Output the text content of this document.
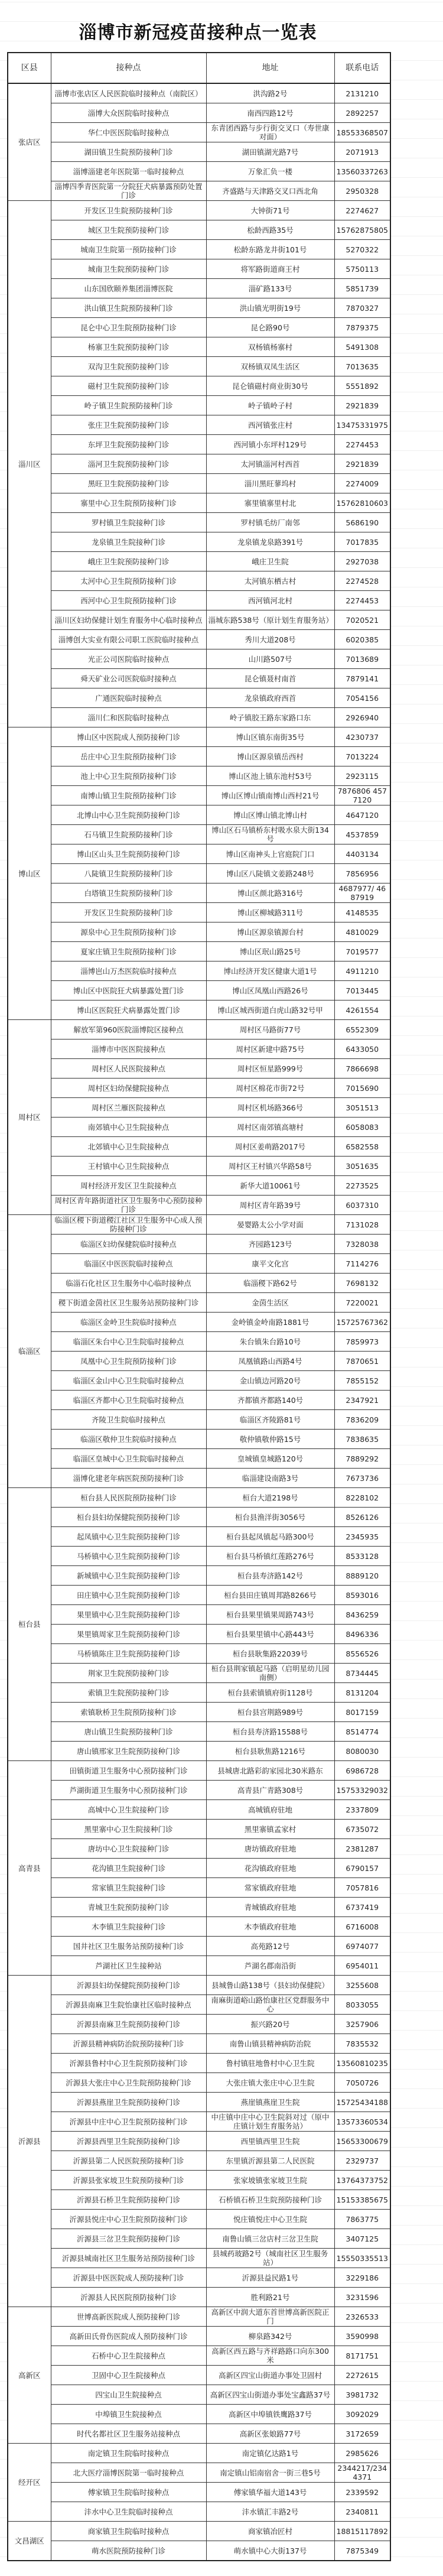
淄博市新冠疫苗接种点一览表
区县	接种点	地址	联系电话
张店区	淄博市张店区人民医院临时接种点（南院区）	洪沟路2号	2131210
	淄博大众医院临时接种点	南西四路12号	2892257
	华仁中医医院临时接种点	东青团西路与步行街交叉口（寿世康对面）	18553368507
	湖田镇卫生院预防接种门诊	湖田镇湖光路7号	2071913
	淄博淄建老年医院第一临时接种点	万象汇负一楼	13560337263
	淄博四季青医院第一分院狂犬病暴露预防处置门诊	齐盛路与天津路交叉口西北角	2950328
淄川区	开发区卫生院预防接种门诊	大钟街71号	2274627
	城区卫生院预防接种门诊	松龄西路35号	15762875805
	城南卫生院第一预防接种门诊	松龄东路龙井街101号	5270322
	城南卫生院预防接种门诊	将军路街道商王村	5750113
	山东国欣颐养集团淄博医院	淄矿路133号	5851739
	洪山镇卫生院预防接种门诊	洪山镇光明街19号	7870327
	昆仑中心卫生院预防接种门诊	昆仑路90号	7879375
	杨寨卫生院预防接种门诊	双杨镇杨寨村	5491308
	双沟卫生院预防接种门诊	双杨镇双凤生活区	7013635
	磁村卫生院预防接种门诊	昆仑镇磁村商业街30号	5551892
	岭子镇卫生院预防接种门诊	岭子镇岭子村	2921839
	张庄卫生院预防接种门诊	西河镇张庄村	13475331975
	东坪卫生院预防接种门诊	西河镇小东坪村129号	2274453
	淄河卫生院预防接种门诊	太河镇淄河村西首	2921839
	黑旺卫生院预防接种门诊	淄川黑旺蓼坞村	2274009
	寨里中心卫生院预防接种门诊	寨里镇寨里村北	15762810603
	罗村镇卫生院接种门诊	罗村镇毛纺厂南邻	5686190
	龙泉镇卫生院接种门诊	龙泉镇龙泉路391号	7017835
	峨庄卫生院预防接种门诊	峨庄卫生院	2927038
	太河中心卫生院预防接种门诊	太河镇东栖古村	2274528
	西河中心卫生院预防接种门诊	西河镇河北村	2274453
	淄川区妇幼保健计划生育服务中心临时接种点	淄城东路538号（原计划生育服务站）	7020521
	淄博创大实业有限公司职工医院临时接种点	秀川大道208号	6020385
	光正公司医院临时接种点	山川路507号	7013689
	舜天矿业公司医院临时接种点	昆仑镇聂村南首	7879141
	广通医院临时接种点	龙泉镇政府西首	7054156
	淄川仁和医院临时接种点	岭子镇胶王路东家路口东	2926940
博山区	博山区中医院成人预防接种门诊	博山区镇东南街35号	4230737
	岳庄中心卫生院预防接种门诊	博山区源泉镇岳西村	7013224
	池上中心卫生院预防接种门诊	博山区池上镇东池村53号	2923115
	南博山镇卫生院预防接种门诊	博山区博山镇南博山西村21号	7876806 4577120
	北博山中心卫生院预防接种门诊	博山区博山镇北博山村	4647120
	石马镇卫生院预防接种门诊	博山区石马镇桥东村吸水泉大街134号	4537859
	博山区山头卫生院预防接种门诊	博山区南神头上官庭院门口	4403134
	八陡镇卫生院预防接种门诊	博山区八陡镇文姜路248号	7856956
	白塔镇卫生院预防接种门诊	博山区颜北路316号	4687977/ 4687919
	开发区卫生院预防接种门诊	博山区柳城路311号	4148535
	源泉中心卫生院预防接种门诊	博山区源泉镇源台村	4810029
	夏家庄镇卫生院预防接种门诊	博山区珉山路25号	7019577
	淄博岜山万杰医院临时接种点	博山经济开发区健康大道1号	4911210
	博山区中医院狂犬病暴露处置门诊	博山区凤凰山西路26号	7013445
	博山区医院狂犬病暴露处置门诊	博山区城西街道白虎山路32号甲	4261554
周村区	解放军第960医院淄博院区接种点	周村区马路街77号	6552309
	淄博市中医医院接种点	周村区新建中路75号	6433050
	周村区人民医院接种点	周村区恒星路999号	7866698
	周村区妇幼保健院接种点	周村区棉花市街72号	7015690
	周村区兰雁医院接种点	周村区机场路366号	3051513
	南郊镇中心卫生院接种点	周村区南郊镇高塘村	6058083
	北郊镇中心卫生院接种点	周村区姜萌路2017号	6582558
	王村镇中心卫生院接种点	周村区王村镇兴华路58号	3051635
	周村经济开发区卫生院接种点	新华大道10061号	2273525
	周村区青年路街道社区卫生服务中心预防接种门诊	周村区青年路39号	6037310
临淄区	临淄区稷下街道稷江社区卫生服务中心成人预防接种门诊	晏婴路太公小学对面	7131028
	临淄区妇幼保健院临时接种点	齐园路123号	7328038
	临淄区中医医院临时接种点	康平文化宫	7114276
	临淄石化社区卫生服务中心临时接种点	临淄稷下路62号	7698132
	稷下街道金茵社区卫生服务站预防接种门诊	金茵生活区	7220021
	临淄区金岭卫生院临时接种点	金岭镇金岭南路1881号	15725767362
	临淄区朱台中心卫生院临时接种点	朱台镇朱台路10号	7859973
	凤凰中心卫生院预防接种门诊	凤凰镇路山西路4号	7870651
	临淄区金山中心卫生院临时接种点	金山镇边河路20号	7855152
	临淄区齐都中心卫生院临时接种点	齐都镇齐都路140号	2347921
	齐陵卫生院临时接种点	临淄区齐陵路81号	7836209
	临淄区敬仲卫生院临时接种点	敬仲镇敬仲路15号	7838635
	临淄区皇城中心卫生院临时接种点	皇城镇皇城路120号	7889292
	淄博化建老年病医院预防接种门诊	临淄建设南路3号	7673736
桓台县	桓台县人民医院预防接种门诊	桓台大道2198号	8228102
	桓台县妇幼保健院预防接种门诊	桓台县渔洋街3056号	8526126
	起凤镇中心卫生院预防接种门诊	桓台县起凤镇起马路300号	2345935
	马桥镇中心卫生院预防接种门诊	桓台县马桥镇红莲路276号	8533128
	新城镇中心卫生院预防接种门诊	桓台县寿济路142号	8889120
	田庄镇中心卫生院预防接种门诊	桓台县田庄镇周邦路8266号	8593016
	果里镇中心卫生院预防接种门诊	桓台县果里镇果周路743号	8436259
	果里镇周家卫生院预防接种门诊	桓台县果里镇中心路443号	8496336
	马桥镇陈庄卫生院预防接种门诊	桓台县耿集路22039号	8556526
	荆家卫生院预防接种门诊	桓台县荆家镇起马路（启明星幼儿园南侧）	8734445
	索镇卫生院预防接种门诊	桓台县索镇镇府街1128号	8131204
	索镇耿桥卫生院预防接种门诊	桓台县宫荆路989号	8017159
	唐山镇卫生院预防接种门诊	桓台县寿济路15588号	8514774
	唐山镇邢家卫生院预防接种门诊	桓台县耿焦路1216号	8080030
高青县	田镇街道卫生服务中心预防接种门诊	县城唐北路彩韵家园北30米路东	6986728
	芦湖街道卫生服务中心预防接种门诊	高青县广青路308号	15753329032
	高城中心卫生院接种门诊	高城镇府驻地	2337809
	黑里寨中心卫生院接种门诊	黑里寨镇孟家村	6735072
	唐坊中心卫生院接种门诊	唐坊镇政府驻地	2381287
	花沟镇卫生院接种门诊	花沟镇政府驻地	6790157
	常家镇卫生院接种门诊	常家镇政府驻地	7057816
	青城卫生院预防接种门诊	青城镇政府驻地	6737419
	木李镇卫生院接种门诊	木李镇政府驻地	6716008
	国井社区卫生服务站预防接种门诊	高苑路12号	6974077
	芦湖社区卫生接种站	芦湖名郡南沿街	6954011
沂源县	沂源县妇幼保健院预防接种门诊	县城鲁山路138号（县妇幼保健院）	3255608
	沂源县南麻卫生院怡康社区临时接种点	南麻街道峪山路怡康社区党群服务中心	8033055
	沂源县南麻卫生院预防接种门诊	振兴路20号	3257906
	沂源县精神病防治院预防接种门诊	南鲁山镇县精神病防治院	7835532
	沂源县鲁村中心卫生院预防接种门诊	鲁村镇驻地鲁村中心卫生院	13560810235
	沂源县大张庄中心卫生院预防接种门诊	大张庄镇大张庄中心卫生院	7050726
	沂源县燕崖卫生院预防接种门诊	燕崖镇燕崖卫生院	15725434188
	沂源县中庄中心卫生院预防接种门诊	中庄镇中庄中心卫生院斜对过（原中庄镇计划生育服务站）	13573360534
	沂源县西里卫生院预防接种门诊	西里镇西里卫生院	15653300679
	沂源县第二人民医院预防接种门诊	东里镇沂源县第二人民医院	2329737
	沂源县张家坡卫生院预防接种门诊	张家坡镇张家坡卫生院	13764373752
	沂源县石桥卫生院预防接种门诊	石桥镇石桥卫生院预防接种门诊	15153385675
	沂源县悦庄中心卫生院预防接种门诊	悦庄镇悦庄中心卫生院	7863775
	沂源县三岔卫生院预防接种门诊	南鲁山镇三岔店村三岔卫生院	3407125
	沂源县城南社区卫生服务站预防接种门诊	县城药玻路2号（城南社区卫生服务站）	15550335513
	沂源县中医医院成人预防接种门诊	沂源县益民路1号	3229186
	沂源县人民医院预防接种门诊	胜利路21号	3231596
高新区	世博高新医院成人预防接种门诊	高新区中润大道东首世博高新医院正门	2326533
	高新田氏骨伤医院成人预防接种门诊	柳泉路342号	3590998
	石桥中心卫生院接种点	高新区西五路与齐祥路路口向东300米	8171751
	卫固中心卫生院接种点	高新区四宝山街道办事处卫固村	2272615
	四宝山卫生院接种点	高新区四宝山街道办事处宝鑫路37号	3981732
	中埠镇卫生院接种点	高新区中埠镇铁鹰路37号	3092029
	时代名都社区卫生服务站接种点	高新区张娘路77号	3172659
经开区	南定镇卫生院临时接种点	南定镇亿达路1号	2985626
	北大医疗淄博医院第一临时接种点	南定镇山铝南宿舍一街三巷5号	2344217/2344371
	傅家镇卫生院临时接种点	傅家镇华福大道143号	2339592
	沣水中心卫生院临时接种点	沣水镇汇丰路2号	2340811
文昌湖区	商家镇卫生院临时接种点	商家镇冶匠村	18815117892
	萌水医院预防接种门诊	萌水镇中心大街137号	7875349
